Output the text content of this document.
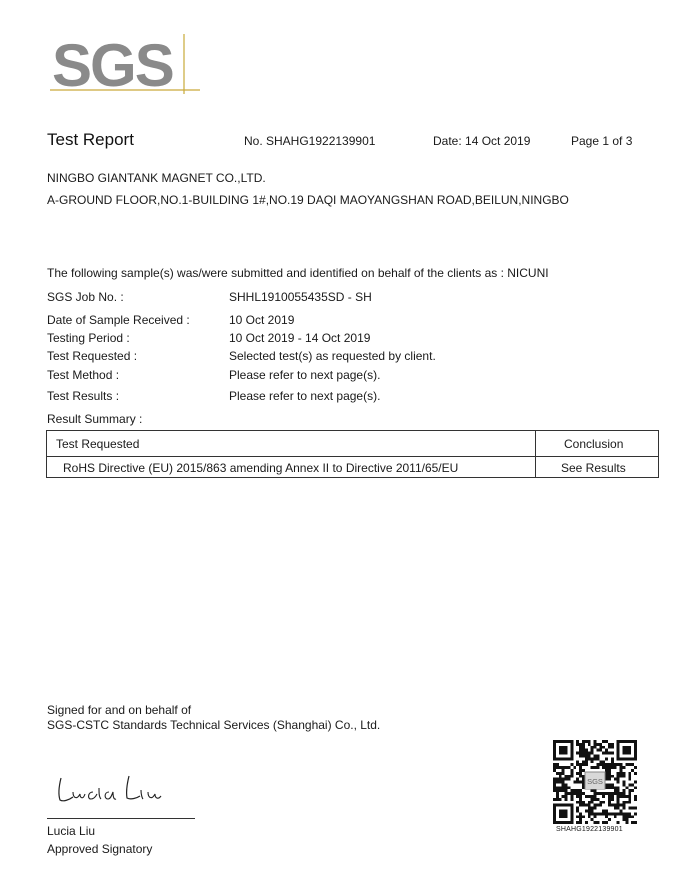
SGS
Test Report	No. SHAHG1922139901	Date: 14 Oct 2019	Page 1 of 3
NINGBO GIANTANK MAGNET CO.,LTD.
A-GROUND FLOOR,NO.1-BUILDING 1#,NO.19 DAQI MAOYANGSHAN ROAD,BEILUN,NINGBO
The following sample(s) was/were submitted and identified on behalf of the clients as : NICUNI
SGS Job No. :	SHHL1910055435SD - SH
Date of Sample Received :	10 Oct 2019
Testing Period :	10 Oct 2019 - 14 Oct 2019
Test Requested :	Selected test(s) as requested by client.
Test Method :	Please refer to next page(s).
Test Results :	Please refer to next page(s).
Result Summary :
Test Requested	Conclusion
RoHS Directive (EU) 2015/863 amending Annex II to Directive 2011/65/EU	See Results
Signed for and on behalf of
SGS-CSTC Standards Technical Services (Shanghai) Co., Ltd.
Lucia Liu
Approved Signatory
SGS
SHAHG1922139901
